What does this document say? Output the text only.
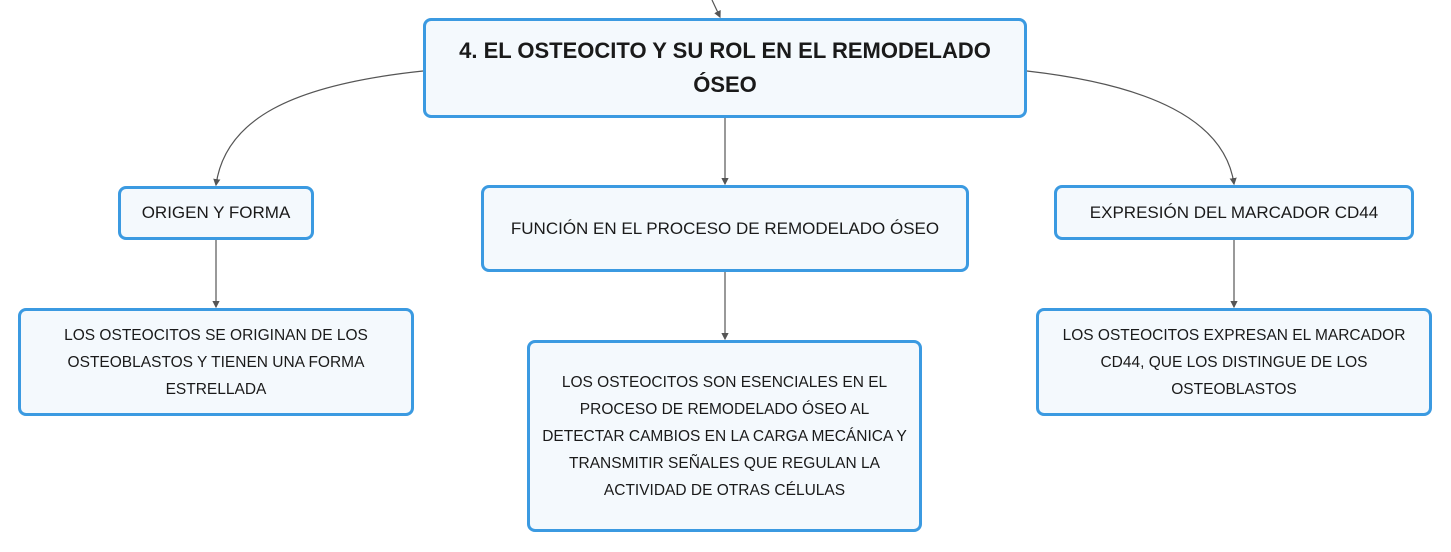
4. EL OSTEOCITO Y SU ROL EN EL REMODELADO ÓSEO
ORIGEN Y FORMA
FUNCIÓN EN EL PROCESO DE REMODELADO ÓSEO
EXPRESIÓN DEL MARCADOR CD44
LOS OSTEOCITOS SE ORIGINAN DE LOS OSTEOBLASTOS Y TIENEN UNA FORMA ESTRELLADA	LOS OSTEOCITOS SON ESENCIALES EN EL PROCESO DE REMODELADO ÓSEO AL DETECTAR CAMBIOS EN LA CARGA MECÁNICA Y TRANSMITIR SEÑALES QUE REGULAN LA ACTIVIDAD DE OTRAS CÉLULAS
LOS OSTEOCITOS EXPRESAN EL MARCADOR CD44, QUE LOS DISTINGUE DE LOS OSTEOBLASTOS
